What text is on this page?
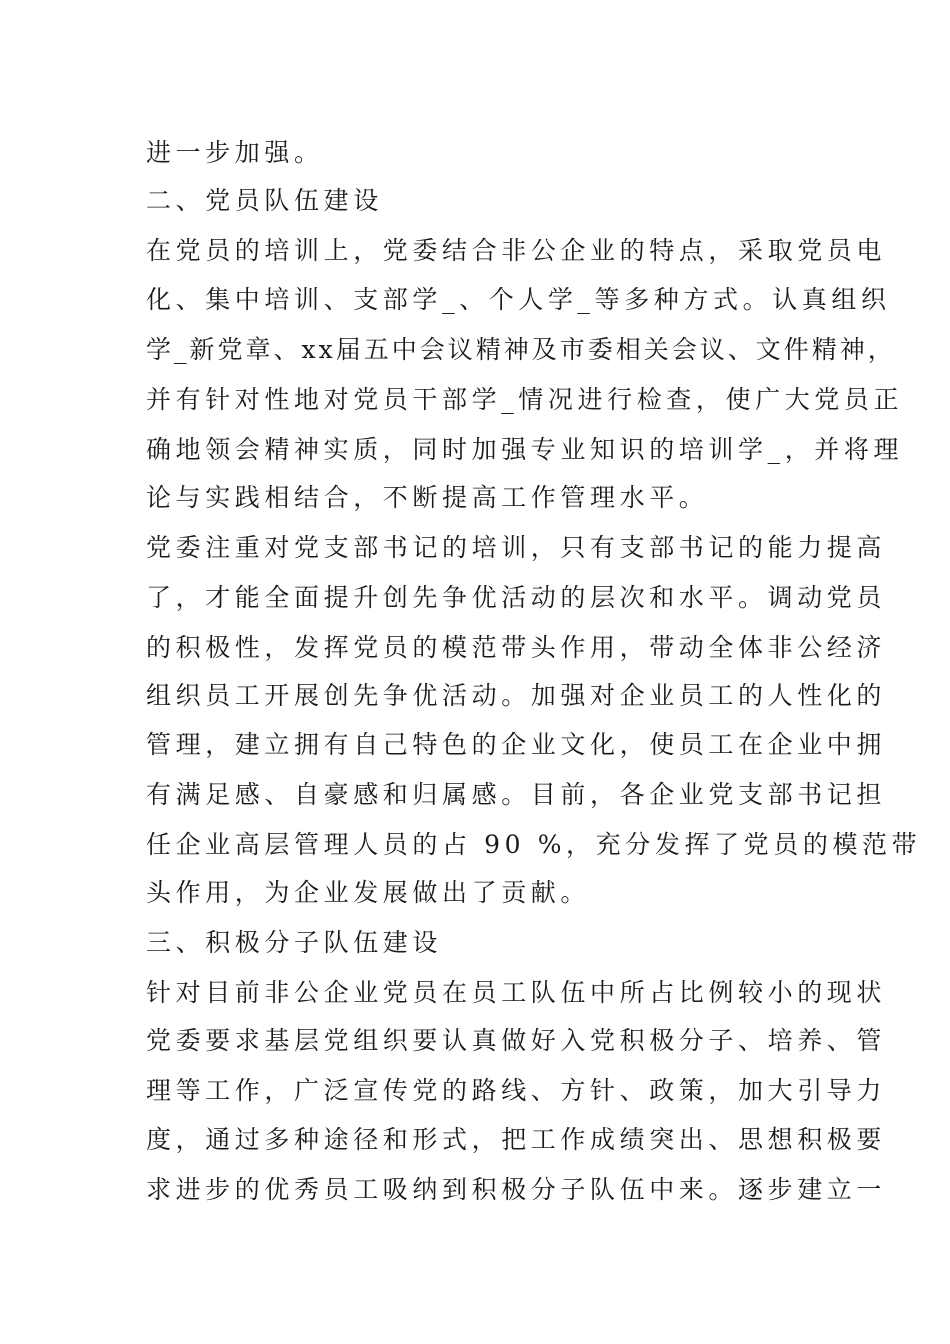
进一步加强。
二、党员队伍建设
在党员的培训上，党委结合非公企业的特点，采取党员电
化、集中培训、支部学_、个人学_等多种方式。认真组织
学_新党章、xx届五中会议精神及市委相关会议、文件精神，
并有针对性地对党员干部学_情况进行检查，使广大党员正
确地领会精神实质，同时加强专业知识的培训学_，并将理
论与实践相结合，不断提高工作管理水平。
党委注重对党支部书记的培训，只有支部书记的能力提高
了，才能全面提升创先争优活动的层次和水平。调动党员
的积极性，发挥党员的模范带头作用，带动全体非公经济
组织员工开展创先争优活动。加强对企业员工的人性化的
管理，建立拥有自己特色的企业文化，使员工在企业中拥
有满足感、自豪感和归属感。目前，各企业党支部书记担
任企业高层管理人员的占 90 %，充分发挥了党员的模范带
头作用，为企业发展做出了贡献。
三、积极分子队伍建设
针对目前非公企业党员在员工队伍中所占比例较小的现状
党委要求基层党组织要认真做好入党积极分子、培养、管
理等工作，广泛宣传党的路线、方针、政策，加大引导力
度，通过多种途径和形式，把工作成绩突出、思想积极要
求进步的优秀员工吸纳到积极分子队伍中来。逐步建立一
